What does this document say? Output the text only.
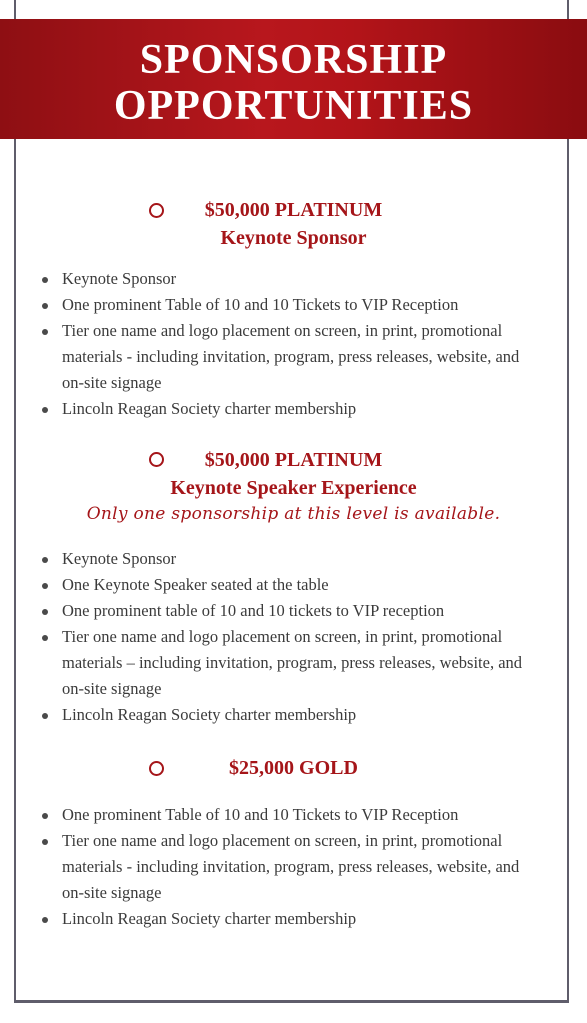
SPONSORSHIP
OPPORTUNITIES
$50,000 PLATINUM
Keynote Sponsor
Keynote Sponsor
One prominent Table of 10 and 10 Tickets to VIP Reception
Tier one name and logo placement on screen, in print, promotional materials - including invitation, program, press releases, website, and on-site signage
Lincoln Reagan Society charter membership
$50,000 PLATINUM
Keynote Speaker Experience
Only one sponsorship at this level is available.
Keynote Sponsor
One Keynote Speaker seated at the table
One prominent table of 10 and 10 tickets to VIP reception
Tier one name and logo placement on screen, in print, promotional materials – including invitation, program, press releases, website, and on-site signage
Lincoln Reagan Society charter membership
$25,000 GOLD
One prominent Table of 10 and 10 Tickets to VIP Reception
Tier one name and logo placement on screen, in print, promotional materials - including invitation, program, press releases, website, and on-site signage
Lincoln Reagan Society charter membership
